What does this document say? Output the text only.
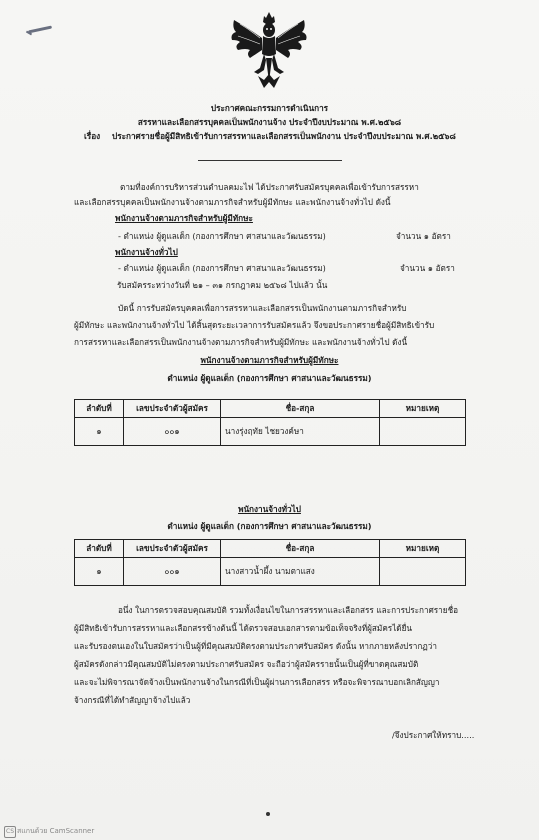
ประกาศคณะกรรมการดำเนินการ
สรรหาและเลือกสรรบุคคลเป็นพนักงานจ้าง ประจำปีงบประมาณ พ.ศ.๒๕๖๘
เรื่อง ประกาศรายชื่อผู้มีสิทธิเข้ารับการสรรหาและเลือกสรรเป็นพนักงาน ประจำปีงบประมาณ พ.ศ.๒๕๖๘
ตามที่องค์การบริหารส่วนตำบลคมะไฟ ได้ประกาศรับสมัครบุคคลเพื่อเข้ารับการสรรหา
และเลือกสรรบุคคลเป็นพนักงานจ้างตามภารกิจสำหรับผู้มีทักษะ และพนักงานจ้างทั่วไป ดังนี้
พนักงานจ้างตามภารกิจสำหรับผู้มีทักษะ
- ตำแหน่ง ผู้ดูแลเด็ก (กองการศึกษา ศาสนาและวัฒนธรรม)	จำนวน ๑ อัตรา
พนักงานจ้างทั่วไป
- ตำแหน่ง ผู้ดูแลเด็ก (กองการศึกษา ศาสนาและวัฒนธรรม)	จำนวน ๑ อัตรา
รับสมัครระหว่างวันที่ ๒๑ – ๓๑ กรกฎาคม ๒๕๖๘ ไปแล้ว นั้น
บัดนี้ การรับสมัครบุคคลเพื่อการสรรหาและเลือกสรรเป็นพนักงานตามภารกิจสำหรับ
ผู้มีทักษะ และพนักงานจ้างทั่วไป ได้สิ้นสุดระยะเวลาการรับสมัครแล้ว จึงขอประกาศรายชื่อผู้มีสิทธิเข้ารับ
การสรรหาและเลือกสรรเป็นพนักงานจ้างตามภารกิจสำหรับผู้มีทักษะ และพนักงานจ้างทั่วไป ดังนี้
พนักงานจ้างตามภารกิจสำหรับผู้มีทักษะ
ตำแหน่ง ผู้ดูแลเด็ก (กองการศึกษา ศาสนาและวัฒนธรรม)
ลำดับที่	เลขประจำตัวผู้สมัคร	ชื่อ-สกุล	หมายเหตุ
๑	๐๐๑	นางรุ่งฤทัย ไชยวงค์ษา	
พนักงานจ้างทั่วไป
ตำแหน่ง ผู้ดูแลเด็ก (กองการศึกษา ศาสนาและวัฒนธรรม)
ลำดับที่	เลขประจำตัวผู้สมัคร	ชื่อ-สกุล	หมายเหตุ
๑	๐๐๑	นางสาวน้ำผึ้ง นามตาแสง	
อนึ่ง ในการตรวจสอบคุณสมบัติ รวมทั้งเงื่อนไขในการสรรหาและเลือกสรร และการประกาศรายชื่อ
ผู้มีสิทธิเข้ารับการสรรหาและเลือกสรรข้างต้นนี้ ได้ตรวจสอบเอกสารตามข้อเท็จจริงที่ผู้สมัครได้ยื่น
และรับรองตนเองในใบสมัครว่าเป็นผู้ที่มีคุณสมบัติตรงตามประกาศรับสมัคร ดังนั้น หากภายหลังปรากฏว่า
ผู้สมัครดังกล่าวมีคุณสมบัติไม่ตรงตามประกาศรับสมัคร จะถือว่าผู้สมัครรายนั้นเป็นผู้ที่ขาดคุณสมบัติ
และจะไม่พิจารณาจัดจ้างเป็นพนักงานจ้างในกรณีที่เป็นผู้ผ่านการเลือกสรร หรือจะพิจารณาบอกเลิกสัญญา
จ้างกรณีที่ได้ทำสัญญาจ้างไปแล้ว
/จึงประกาศให้ทราบ.....
CS สแกนด้วย CamScanner
